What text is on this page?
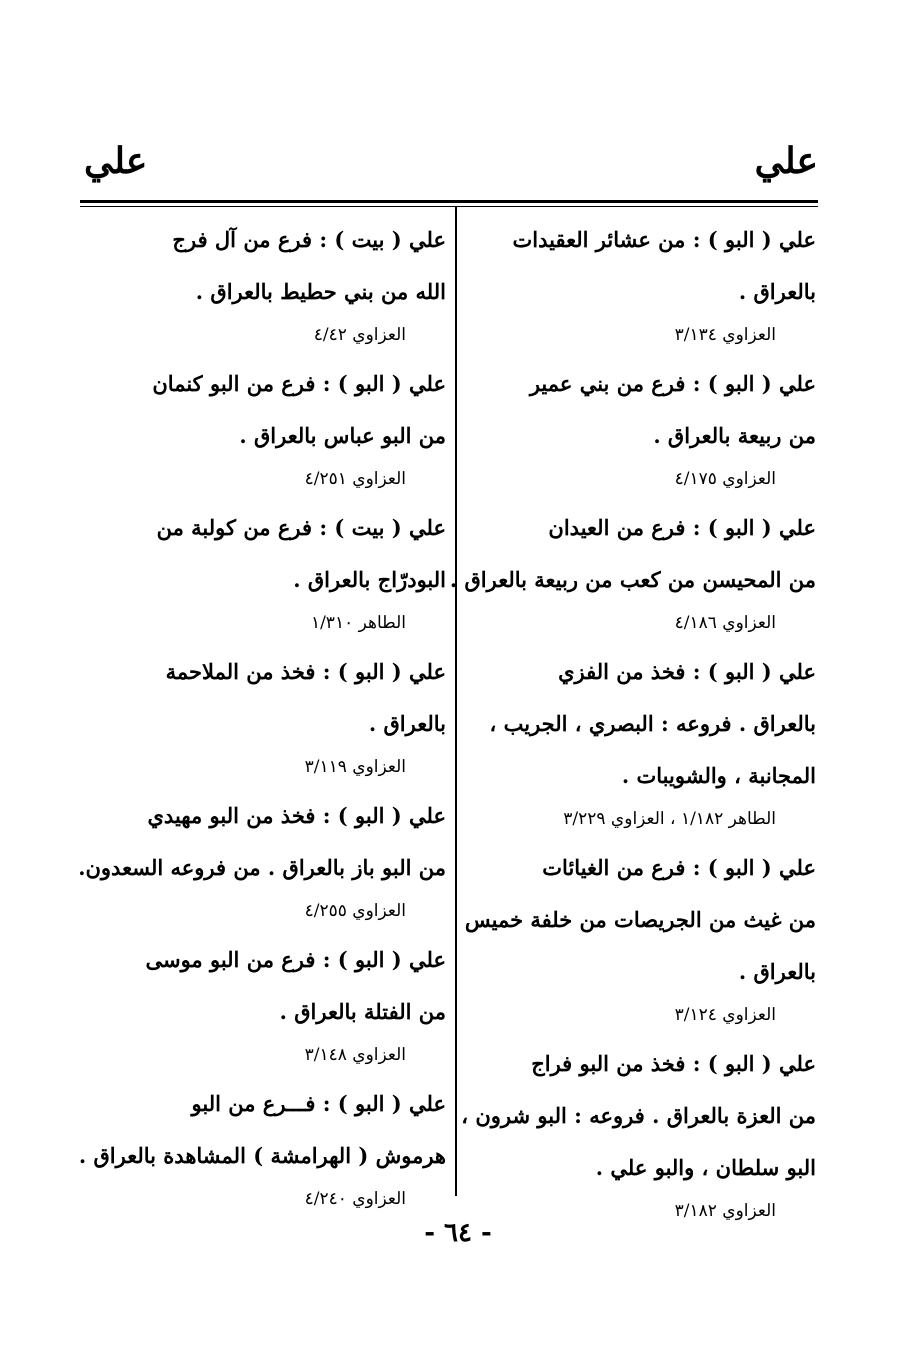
علي
علي
علي ( البو ) : من عشائر العقيدات
بالعراق .
العزاوي ٣/١٣٤
علي ( البو ) : فرع من بني عمير
من ربيعة بالعراق .
العزاوي ٤/١٧٥
علي ( البو ) : فرع من العيدان
من المحيسن من كعب من ربيعة بالعراق .
العزاوي ٤/١٨٦
علي ( البو ) : فخذ من الفزي
بالعراق . فروعه : البصري ، الجريب ،
المجانبة ، والشويبات .
الطاهر ١/١٨٢ ، العزاوي ٣/٢٢٩
علي ( البو ) : فرع من الغيائات
من غيث من الجريصات من خلفة خميس
بالعراق .
العزاوي ٣/١٢٤
علي ( البو ) : فخذ من البو فراج
من العزة بالعراق . فروعه : البو شرون ،
البو سلطان ، والبو علي .
العزاوي ٣/١٨٢
علي ( بيت ) : فرع من آل فرج
الله من بني حطيط بالعراق .
العزاوي ٤/٤٢
علي ( البو ) : فرع من البو كنمان
من البو عباس بالعراق .
العزاوي ٤/٢٥١
علي ( بيت ) : فرع من كولبة من
البودرّاج بالعراق .
الطاهر ١/٣١٠
علي ( البو ) : فخذ من الملاحمة
بالعراق .
العزاوي ٣/١١٩
علي ( البو ) : فخذ من البو مهيدي
من البو باز بالعراق . من فروعه السعدون.
العزاوي ٤/٢٥٥
علي ( البو ) : فرع من البو موسى
من الفتلة بالعراق .
العزاوي ٣/١٤٨
علي ( البو ) : فـــرع من البو
هرموش ( الهرامشة ) المشاهدة بالعراق .
العزاوي ٤/٢٤٠
- ٦٤ -
